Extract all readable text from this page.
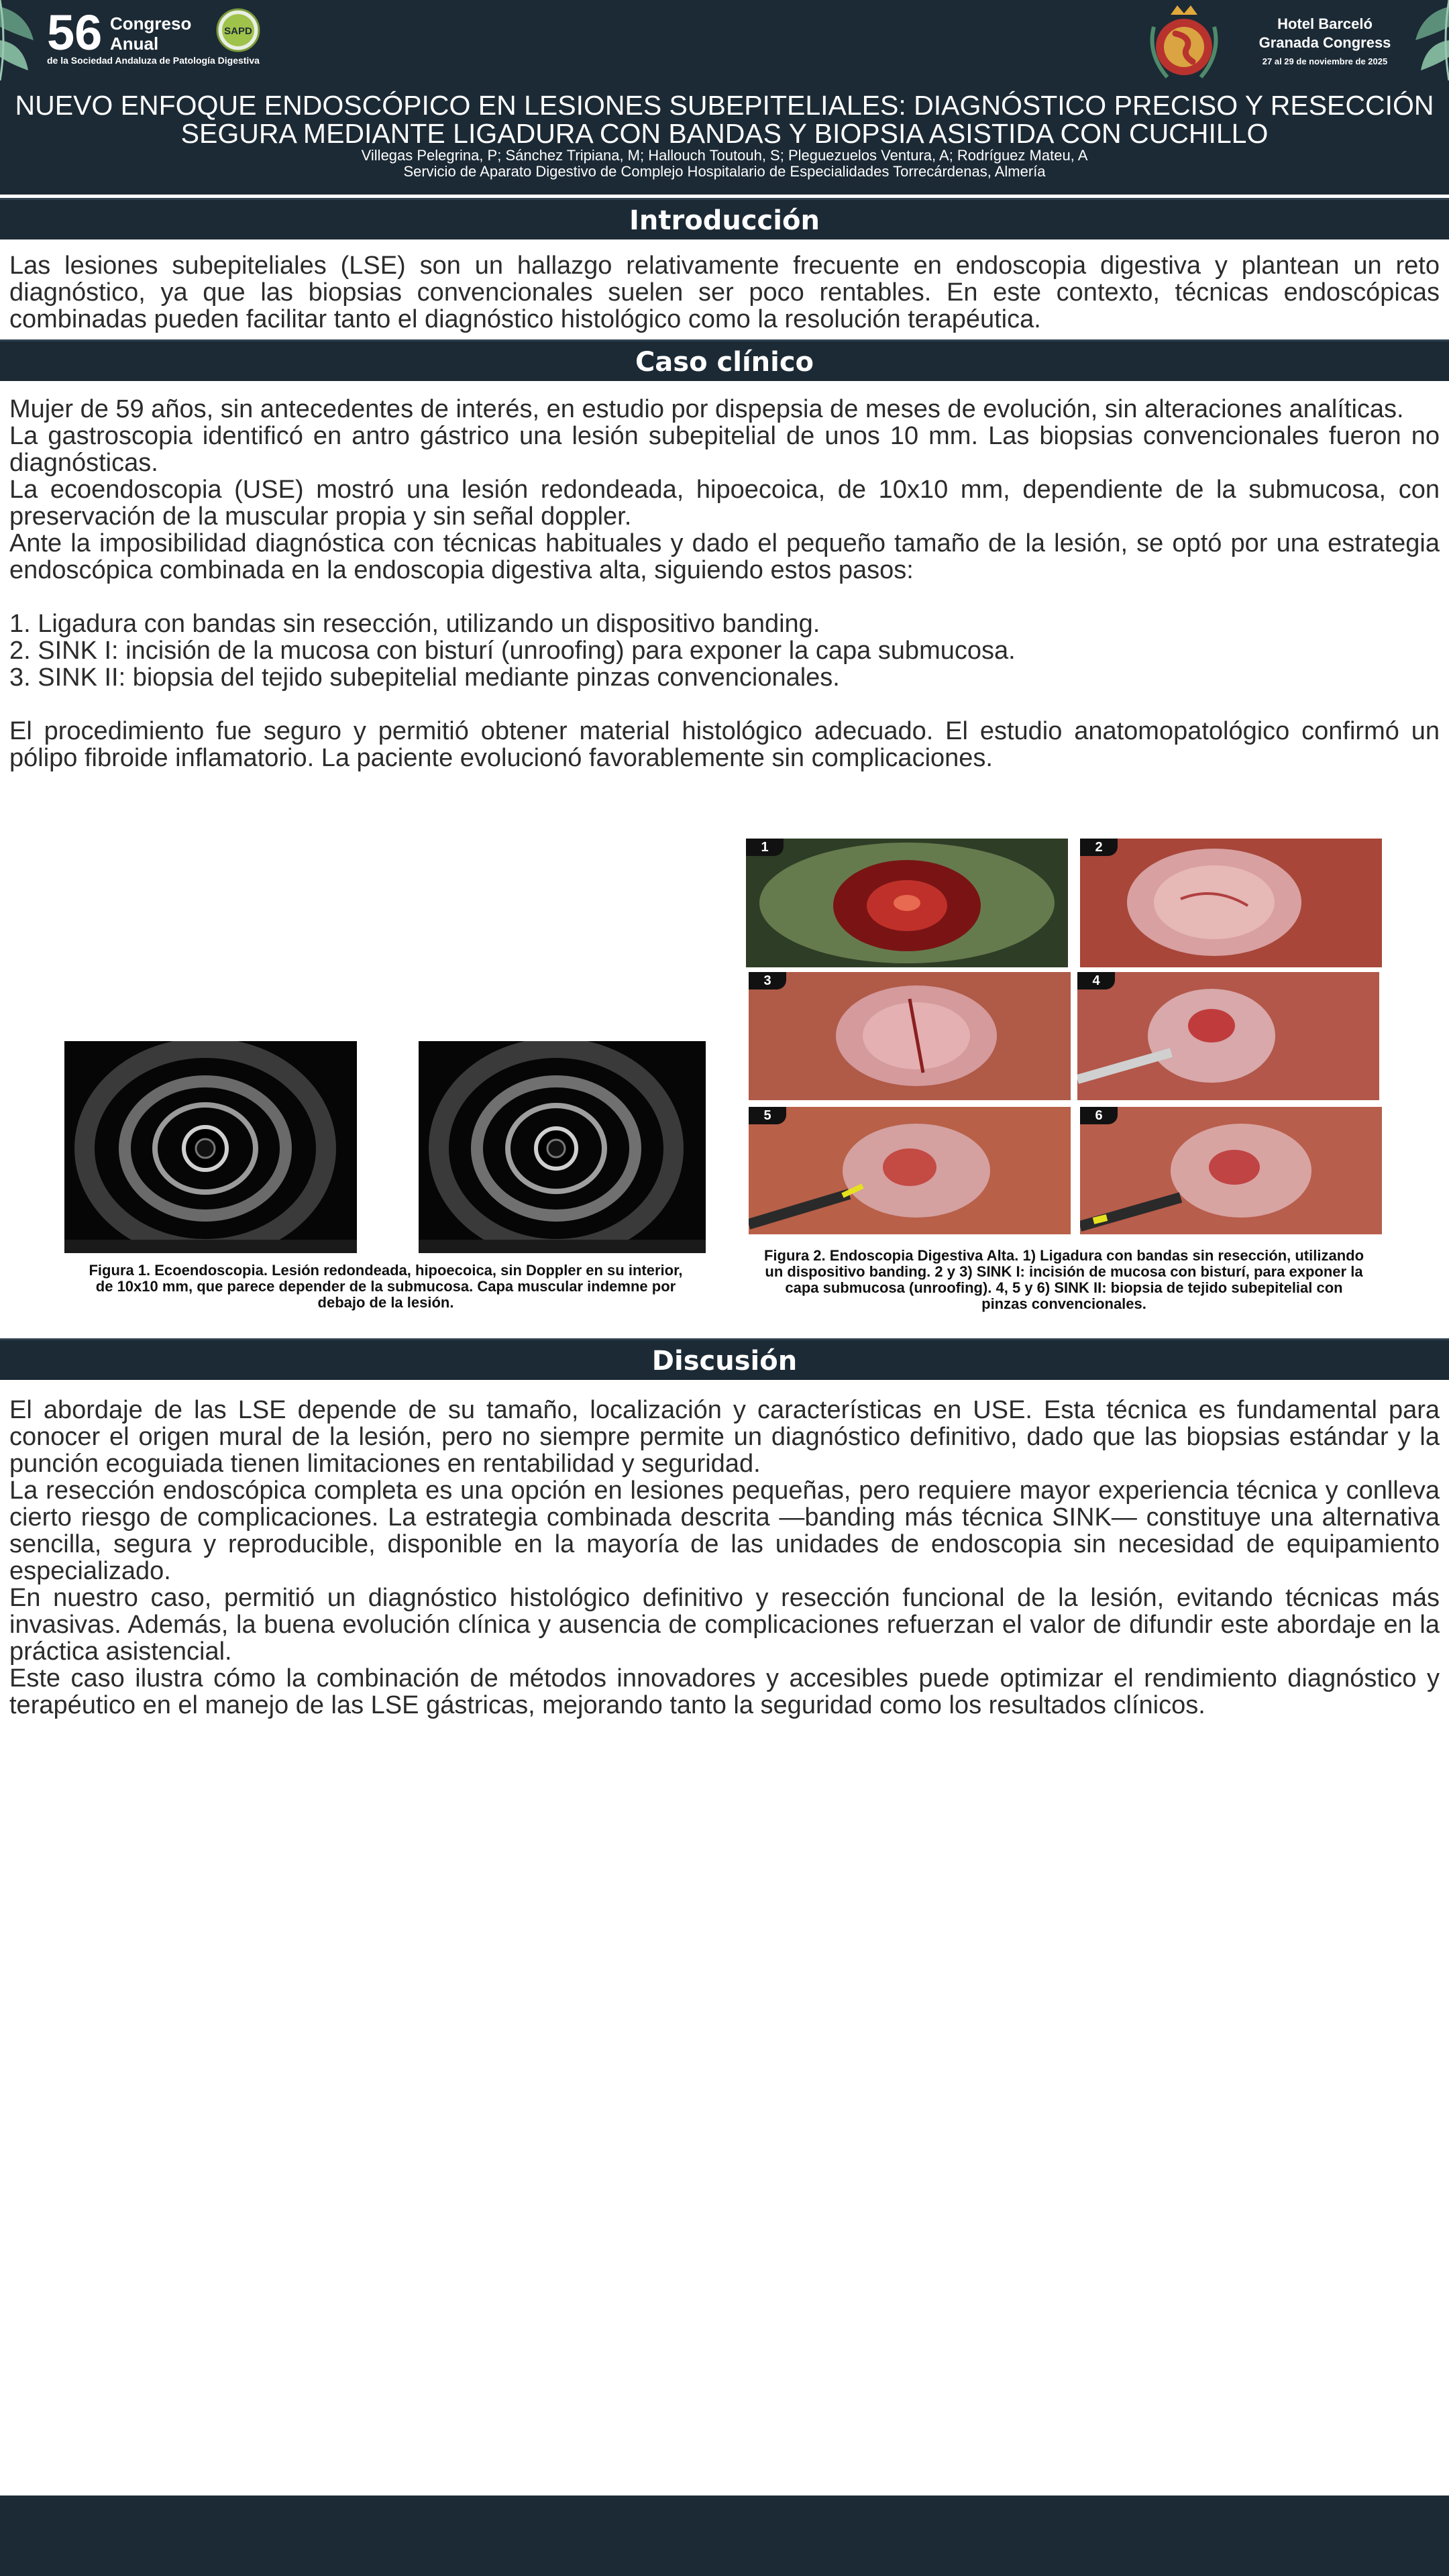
56 Congreso
Anual
de la Sociedad Andaluza de Patología Digestiva
SAPD	Hotel Barceló
Granada Congress
27 al 29 de noviembre de 2025
NUEVO ENFOQUE ENDOSCÓPICO EN LESIONES SUBEPITELIALES: DIAGNÓSTICO PRECISO Y RESECCIÓN
SEGURA MEDIANTE LIGADURA CON BANDAS Y BIOPSIA ASISTIDA CON CUCHILLO
Villegas Pelegrina, P; Sánchez Tripiana, M; Hallouch Toutouh, S; Pleguezuelos Ventura, A; Rodríguez Mateu, A
Servicio de Aparato Digestivo de Complejo Hospitalario de Especialidades Torrecárdenas, Almería
Introducción

Las lesiones subepiteliales (LSE) son un hallazgo relativamente frecuente en endoscopia digestiva y plantean un reto diagnóstico, ya que las biopsias convencionales suelen ser poco rentables. En este contexto, técnicas endoscópicas combinadas pueden facilitar tanto el diagnóstico histológico como la resolución terapéutica.

Caso clínico

Mujer de 59 años, sin antecedentes de interés, en estudio por dispepsia de meses de evolución, sin alteraciones analíticas.

La gastroscopia identificó en antro gástrico una lesión subepitelial de unos 10 mm. Las biopsias convencionales fueron no diagnósticas.

La ecoendoscopia (USE) mostró una lesión redondeada, hipoecoica, de 10x10 mm, dependiente de la submucosa, con preservación de la muscular propia y sin señal doppler.

Ante la imposibilidad diagnóstica con técnicas habituales y dado el pequeño tamaño de la lesión, se optó por una estrategia endoscópica combinada en la endoscopia digestiva alta, siguiendo estos pasos:

1. Ligadura con bandas sin resección, utilizando un dispositivo banding.

2. SINK I: incisión de la mucosa con bisturí (unroofing) para exponer la capa submucosa.

3. SINK II: biopsia del tejido subepitelial mediante pinzas convencionales.

El procedimiento fue seguro y permitió obtener material histológico adecuado. El estudio anatomopatológico confirmó un pólipo fibroide inflamatorio. La paciente evolucionó favorablemente sin complicaciones.

Figura 1. Ecoendoscopia. Lesión redondeada, hipoecoica, sin Doppler en su interior, de 10x10 mm, que parece depender de la submucosa. Capa muscular indemne por debajo de la lesión.
1	2
3	4
5	6
Figura 2. Endoscopia Digestiva Alta. 1) Ligadura con bandas sin resección, utilizando un dispositivo banding. 2 y 3) SINK I: incisión de mucosa con bisturí, para exponer la capa submucosa (unroofing). 4, 5 y 6) SINK II: biopsia de tejido subepitelial con pinzas convencionales.
Discusión

El abordaje de las LSE depende de su tamaño, localización y características en USE. Esta técnica es fundamental para conocer el origen mural de la lesión, pero no siempre permite un diagnóstico definitivo, dado que las biopsias estándar y la punción ecoguiada tienen limitaciones en rentabilidad y seguridad.

La resección endoscópica completa es una opción en lesiones pequeñas, pero requiere mayor experiencia técnica y conlleva cierto riesgo de complicaciones. La estrategia combinada descrita —banding más técnica SINK— constituye una alternativa sencilla, segura y reproducible, disponible en la mayoría de las unidades de endoscopia sin necesidad de equipamiento especializado.

En nuestro caso, permitió un diagnóstico histológico definitivo y resección funcional de la lesión, evitando técnicas más invasivas. Además, la buena evolución clínica y ausencia de complicaciones refuerzan el valor de difundir este abordaje en la práctica asistencial.

Este caso ilustra cómo la combinación de métodos innovadores y accesibles puede optimizar el rendimiento diagnóstico y terapéutico en el manejo de las LSE gástricas, mejorando tanto la seguridad como los resultados clínicos.
